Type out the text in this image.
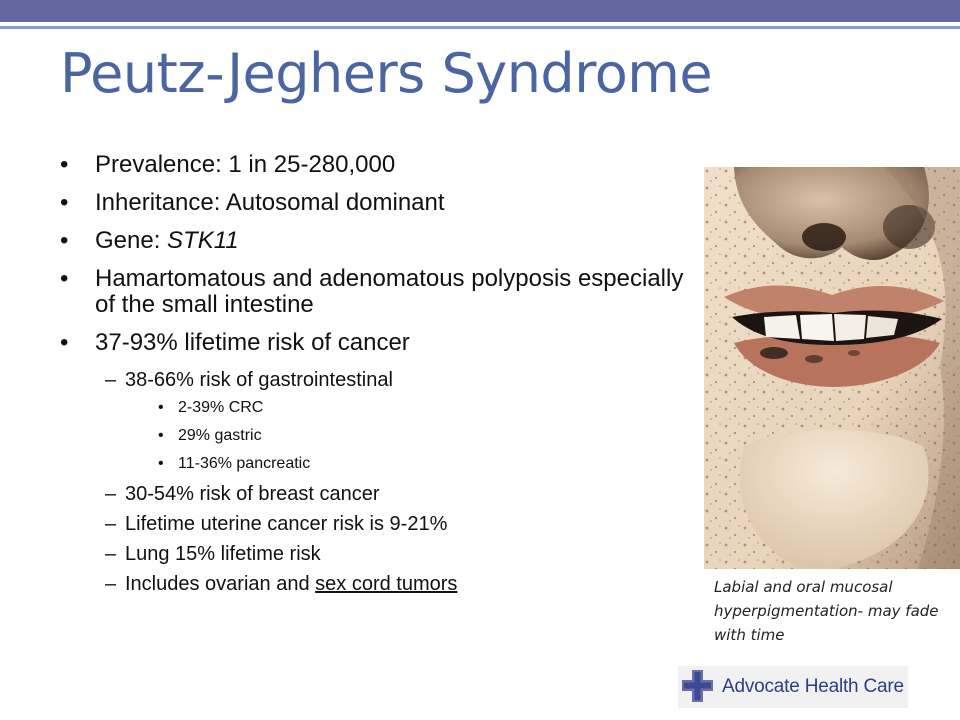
Peutz-Jeghers Syndrome
• Prevalence: 1 in 25-280,000
• Inheritance: Autosomal dominant
• Gene: STK11
• Hamartomatous and adenomatous polyposis especially of the small intestine
• 37-93% lifetime risk of cancer
– 38-66% risk of gastrointestinal
• 2-39% CRC
• 29% gastric
• 11-36% pancreatic
– 30-54% risk of breast cancer
– Lifetime uterine cancer risk is 9-21%
– Lung 15% lifetime risk
– Includes ovarian and sex cord tumors	Labial and oral mucosal hyperpigmentation- may fade with time
Advocate Health Care
